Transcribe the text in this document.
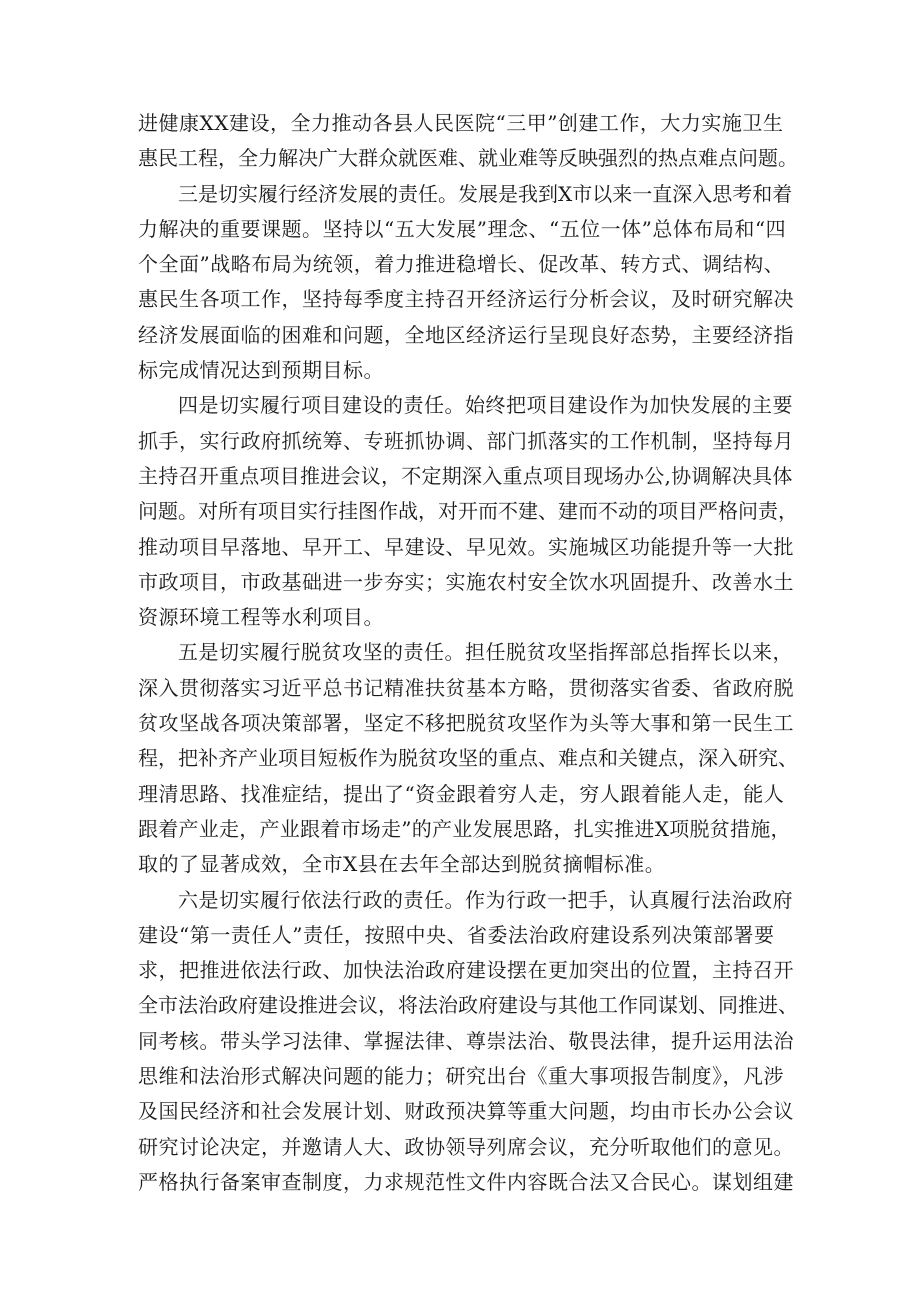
进健康XX建设，全力推动各县人民医院“三甲”创建工作，大力实施卫生
惠民工程，全力解决广大群众就医难、就业难等反映强烈的热点难点问题。
三是切实履行经济发展的责任。发展是我到X市以来一直深入思考和着
力解决的重要课题。坚持以“五大发展”理念、“五位一体”总体布局和“四
个全面”战略布局为统领，着力推进稳增长、促改革、转方式、调结构、
惠民生各项工作，坚持每季度主持召开经济运行分析会议，及时研究解决
经济发展面临的困难和问题，全地区经济运行呈现良好态势，主要经济指
标完成情况达到预期目标。
四是切实履行项目建设的责任。始终把项目建设作为加快发展的主要
抓手，实行政府抓统筹、专班抓协调、部门抓落实的工作机制，坚持每月
主持召开重点项目推进会议，不定期深入重点项目现场办公,协调解决具体
问题。对所有项目实行挂图作战，对开而不建、建而不动的项目严格问责，
推动项目早落地、早开工、早建设、早见效。实施城区功能提升等一大批
市政项目，市政基础进一步夯实；实施农村安全饮水巩固提升、改善水土
资源环境工程等水利项目。
五是切实履行脱贫攻坚的责任。担任脱贫攻坚指挥部总指挥长以来，
深入贯彻落实习近平总书记精准扶贫基本方略，贯彻落实省委、省政府脱
贫攻坚战各项决策部署，坚定不移把脱贫攻坚作为头等大事和第一民生工
程，把补齐产业项目短板作为脱贫攻坚的重点、难点和关键点，深入研究、
理清思路、找准症结，提出了“资金跟着穷人走，穷人跟着能人走，能人
跟着产业走，产业跟着市场走”的产业发展思路，扎实推进X项脱贫措施，
取的了显著成效，全市X县在去年全部达到脱贫摘帽标准。
六是切实履行依法行政的责任。作为行政一把手，认真履行法治政府
建设“第一责任人”责任，按照中央、省委法治政府建设系列决策部署要
求，把推进依法行政、加快法治政府建设摆在更加突出的位置，主持召开
全市法治政府建设推进会议，将法治政府建设与其他工作同谋划、同推进、
同考核。带头学习法律、掌握法律、尊崇法治、敬畏法律，提升运用法治
思维和法治形式解决问题的能力；研究出台《重大事项报告制度》，凡涉
及国民经济和社会发展计划、财政预决算等重大问题，均由市长办公会议
研究讨论决定，并邀请人大、政协领导列席会议，充分听取他们的意见。
严格执行备案审查制度，力求规范性文件内容既合法又合民心。谋划组建
